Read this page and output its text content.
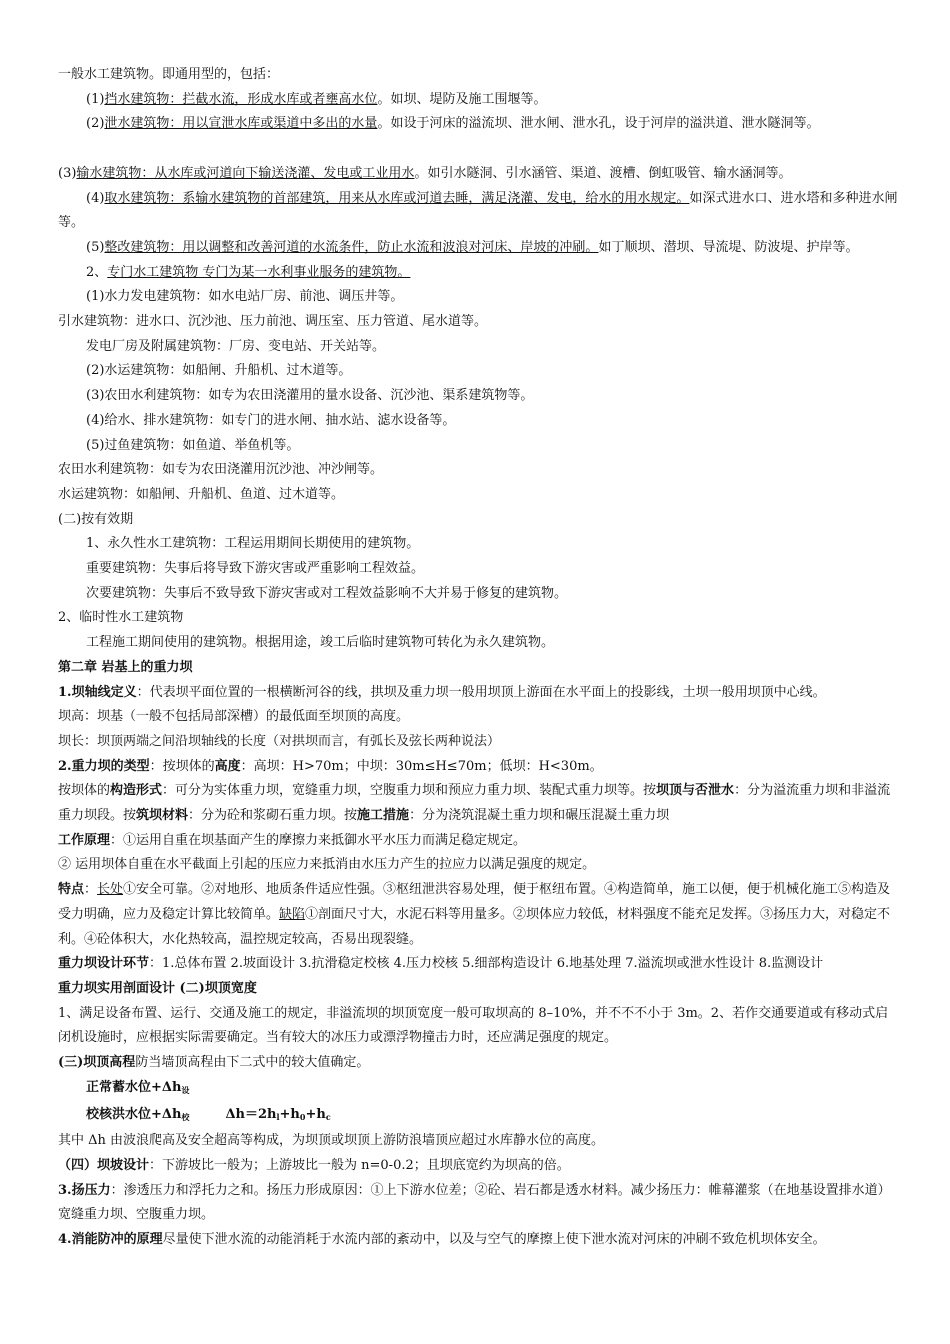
一般水工建筑物。即通用型的，包括：

(1)挡水建筑物：拦截水流，形成水库或者壅高水位。如坝、堤防及施工围堰等。

(2)泄水建筑物：用以宣泄水库或渠道中多出的水量。如设于河床的溢流坝、泄水闸、泄水孔，设于河岸的溢洪道、泄水隧洞等。

(3)输水建筑物：从水库或河道向下输送浇灌、发电或工业用水。如引水隧洞、引水涵管、渠道、渡槽、倒虹吸管、输水涵洞等。

(4)取水建筑物：系输水建筑物的首部建筑，用来从水库或河道去睡，满足浇灌、发电，给水的用水规定。如深式进水口、进水塔和多种进水闸等。

(5)整改建筑物：用以调整和改善河道的水流条件，防止水流和波浪对河床、岸坡的冲刷。如丁顺坝、潜坝、导流堤、防波堤、护岸等。

2、专门水工建筑物 专门为某一水利事业服务的建筑物。

(1)水力发电建筑物：如水电站厂房、前池、调压井等。

引水建筑物：进水口、沉沙池、压力前池、调压室、压力管道、尾水道等。

发电厂房及附属建筑物：厂房、变电站、开关站等。

(2)水运建筑物：如船闸、升船机、过木道等。

(3)农田水利建筑物：如专为农田浇灌用的量水设备、沉沙池、渠系建筑物等。

(4)给水、排水建筑物：如专门的进水闸、抽水站、滤水设备等。

(5)过鱼建筑物：如鱼道、举鱼机等。

农田水利建筑物：如专为农田浇灌用沉沙池、冲沙闸等。

水运建筑物：如船闸、升船机、鱼道、过木道等。

(二)按有效期

1、永久性水工建筑物：工程运用期间长期使用的建筑物。

重要建筑物：失事后将导致下游灾害或严重影响工程效益。

次要建筑物：失事后不致导致下游灾害或对工程效益影响不大并易于修复的建筑物。

2、临时性水工建筑物

工程施工期间使用的建筑物。根据用途，竣工后临时建筑物可转化为永久建筑物。

第二章 岩基上的重力坝

1.坝轴线定义：代表坝平面位置的一根横断河谷的线，拱坝及重力坝一般用坝顶上游面在水平面上的投影线，土坝一般用坝顶中心线。

坝高：坝基（一般不包括局部深槽）的最低面至坝顶的高度。

坝长：坝顶两端之间沿坝轴线的长度（对拱坝而言，有弧长及弦长两种说法）

2.重力坝的类型：按坝体的高度：高坝：H>70m；中坝：30m≤H≤70m；低坝：H<30m。

按坝体的构造形式：可分为实体重力坝，宽缝重力坝，空腹重力坝和预应力重力坝、装配式重力坝等。按坝顶与否泄水：分为溢流重力坝和非溢流重力坝段。按筑坝材料：分为砼和浆砌石重力坝。按施工措施：分为浇筑混凝土重力坝和碾压混凝土重力坝

工作原理：①运用自重在坝基面产生的摩擦力来抵御水平水压力而满足稳定规定。

② 运用坝体自重在水平截面上引起的压应力来抵消由水压力产生的拉应力以满足强度的规定。

特点：长处①安全可靠。②对地形、地质条件适应性强。③枢纽泄洪容易处理，便于枢纽布置。④构造简单，施工以便，便于机械化施工⑤构造及受力明确，应力及稳定计算比较简单。缺陷①剖面尺寸大，水泥石料等用量多。②坝体应力较低，材料强度不能充足发挥。③扬压力大，对稳定不利。④砼体积大，水化热较高，温控规定较高，否易出现裂缝。

重力坝设计环节：1.总体布置 2.坡面设计 3.抗滑稳定校核 4.压力校核 5.细部构造设计 6.地基处理 7.溢流坝或泄水性设计 8.监测设计

重力坝实用剖面设计 (二)坝顶宽度

1、满足设备布置、运行、交通及施工的规定，非溢流坝的坝顶宽度一般可取坝高的 8–10%，并不不不小于 3m。2、若作交通要道或有移动式启闭机设施时，应根据实际需要确定。当有较大的冰压力或漂浮物撞击力时，还应满足强度的规定。

(三)坝顶高程防当墙顶高程由下二式中的较大值确定。

正常蓄水位$+\Delta h_设$

校核洪水位$+\Delta h_校$	$\Delta h=2h_l+h_0+h_c$

其中 Δh 由波浪爬高及安全超高等构成，为坝顶或坝顶上游防浪墙顶应超过水库静水位的高度。

（四）坝坡设计：下游坡比一般为；上游坡比一般为 n=0-0.2；且坝底宽约为坝高的倍。

3.扬压力：渗透压力和浮托力之和。扬压力形成原因：①上下游水位差；②砼、岩石都是透水材料。减少扬压力：帷幕灌浆（在地基设置排水道）宽缝重力坝、空腹重力坝。

4.消能防冲的原理尽量使下泄水流的动能消耗于水流内部的紊动中，以及与空气的摩擦上使下泄水流对河床的冲刷不致危机坝体安全。
